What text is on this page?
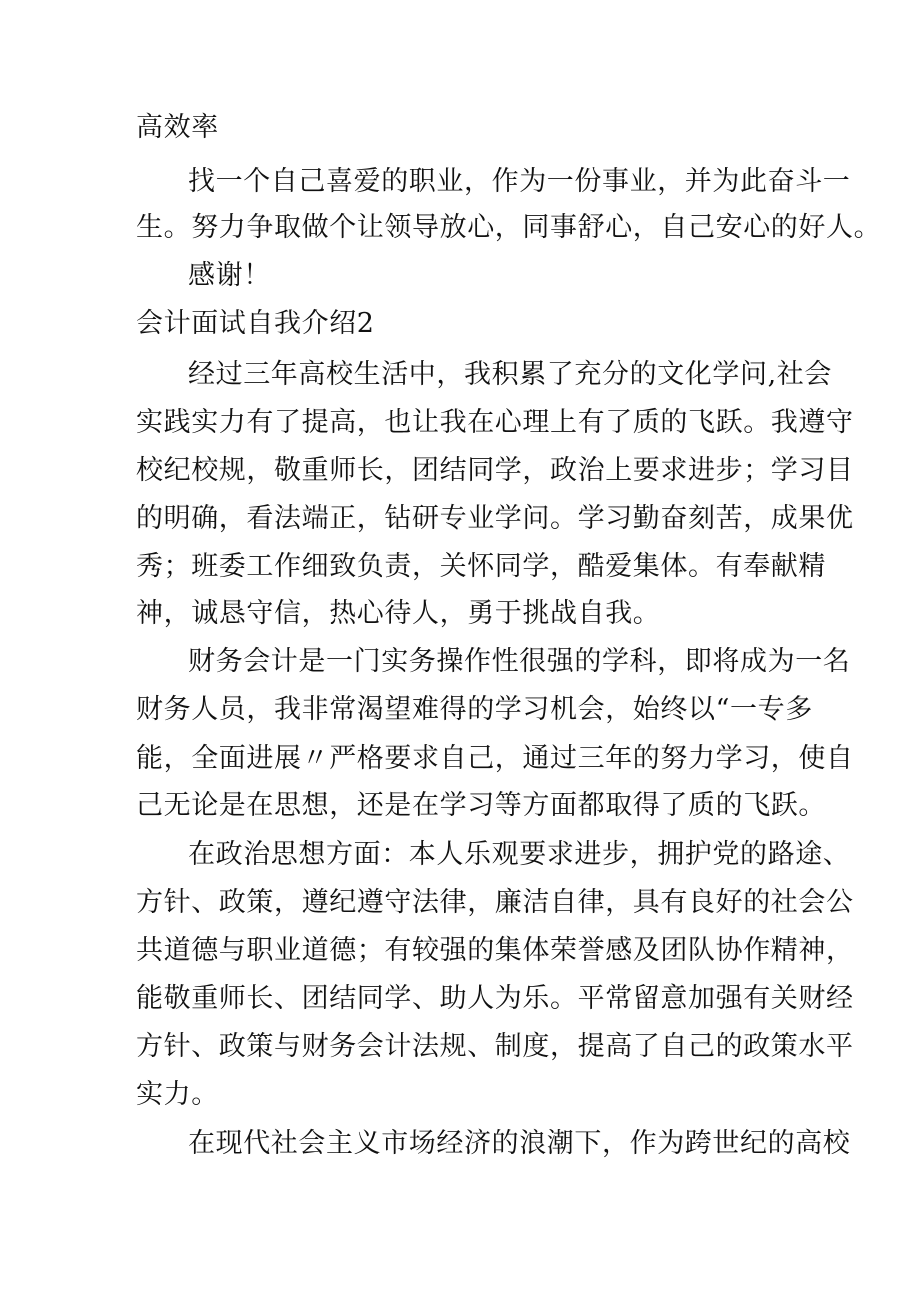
高效率
找一个自己喜爱的职业，作为一份事业，并为此奋斗一
生。努力争取做个让领导放心，同事舒心，自己安心的好人。
感谢！
会计面试自我介绍2
经过三年高校生活中，我积累了充分的文化学问,社会
实践实力有了提高，也让我在心理上有了质的飞跃。我遵守
校纪校规，敬重师长，团结同学，政治上要求进步；学习目
的明确，看法端正，钻研专业学问。学习勤奋刻苦，成果优
秀；班委工作细致负责，关怀同学，酷爱集体。有奉献精
神，诚恳守信，热心待人，勇于挑战自我。
财务会计是一门实务操作性很强的学科，即将成为一名
财务人员，我非常渴望难得的学习机会，始终以“一专多
能，全面进展〃严格要求自己，通过三年的努力学习，使自
己无论是在思想，还是在学习等方面都取得了质的飞跃。
在政治思想方面：本人乐观要求进步，拥护党的路途、
方针、政策，遵纪遵守法律，廉洁自律，具有良好的社会公
共道德与职业道德；有较强的集体荣誉感及团队协作精神，
能敬重师长、团结同学、助人为乐。平常留意加强有关财经
方针、政策与财务会计法规、制度，提高了自己的政策水平
实力。
在现代社会主义市场经济的浪潮下，作为跨世纪的高校
